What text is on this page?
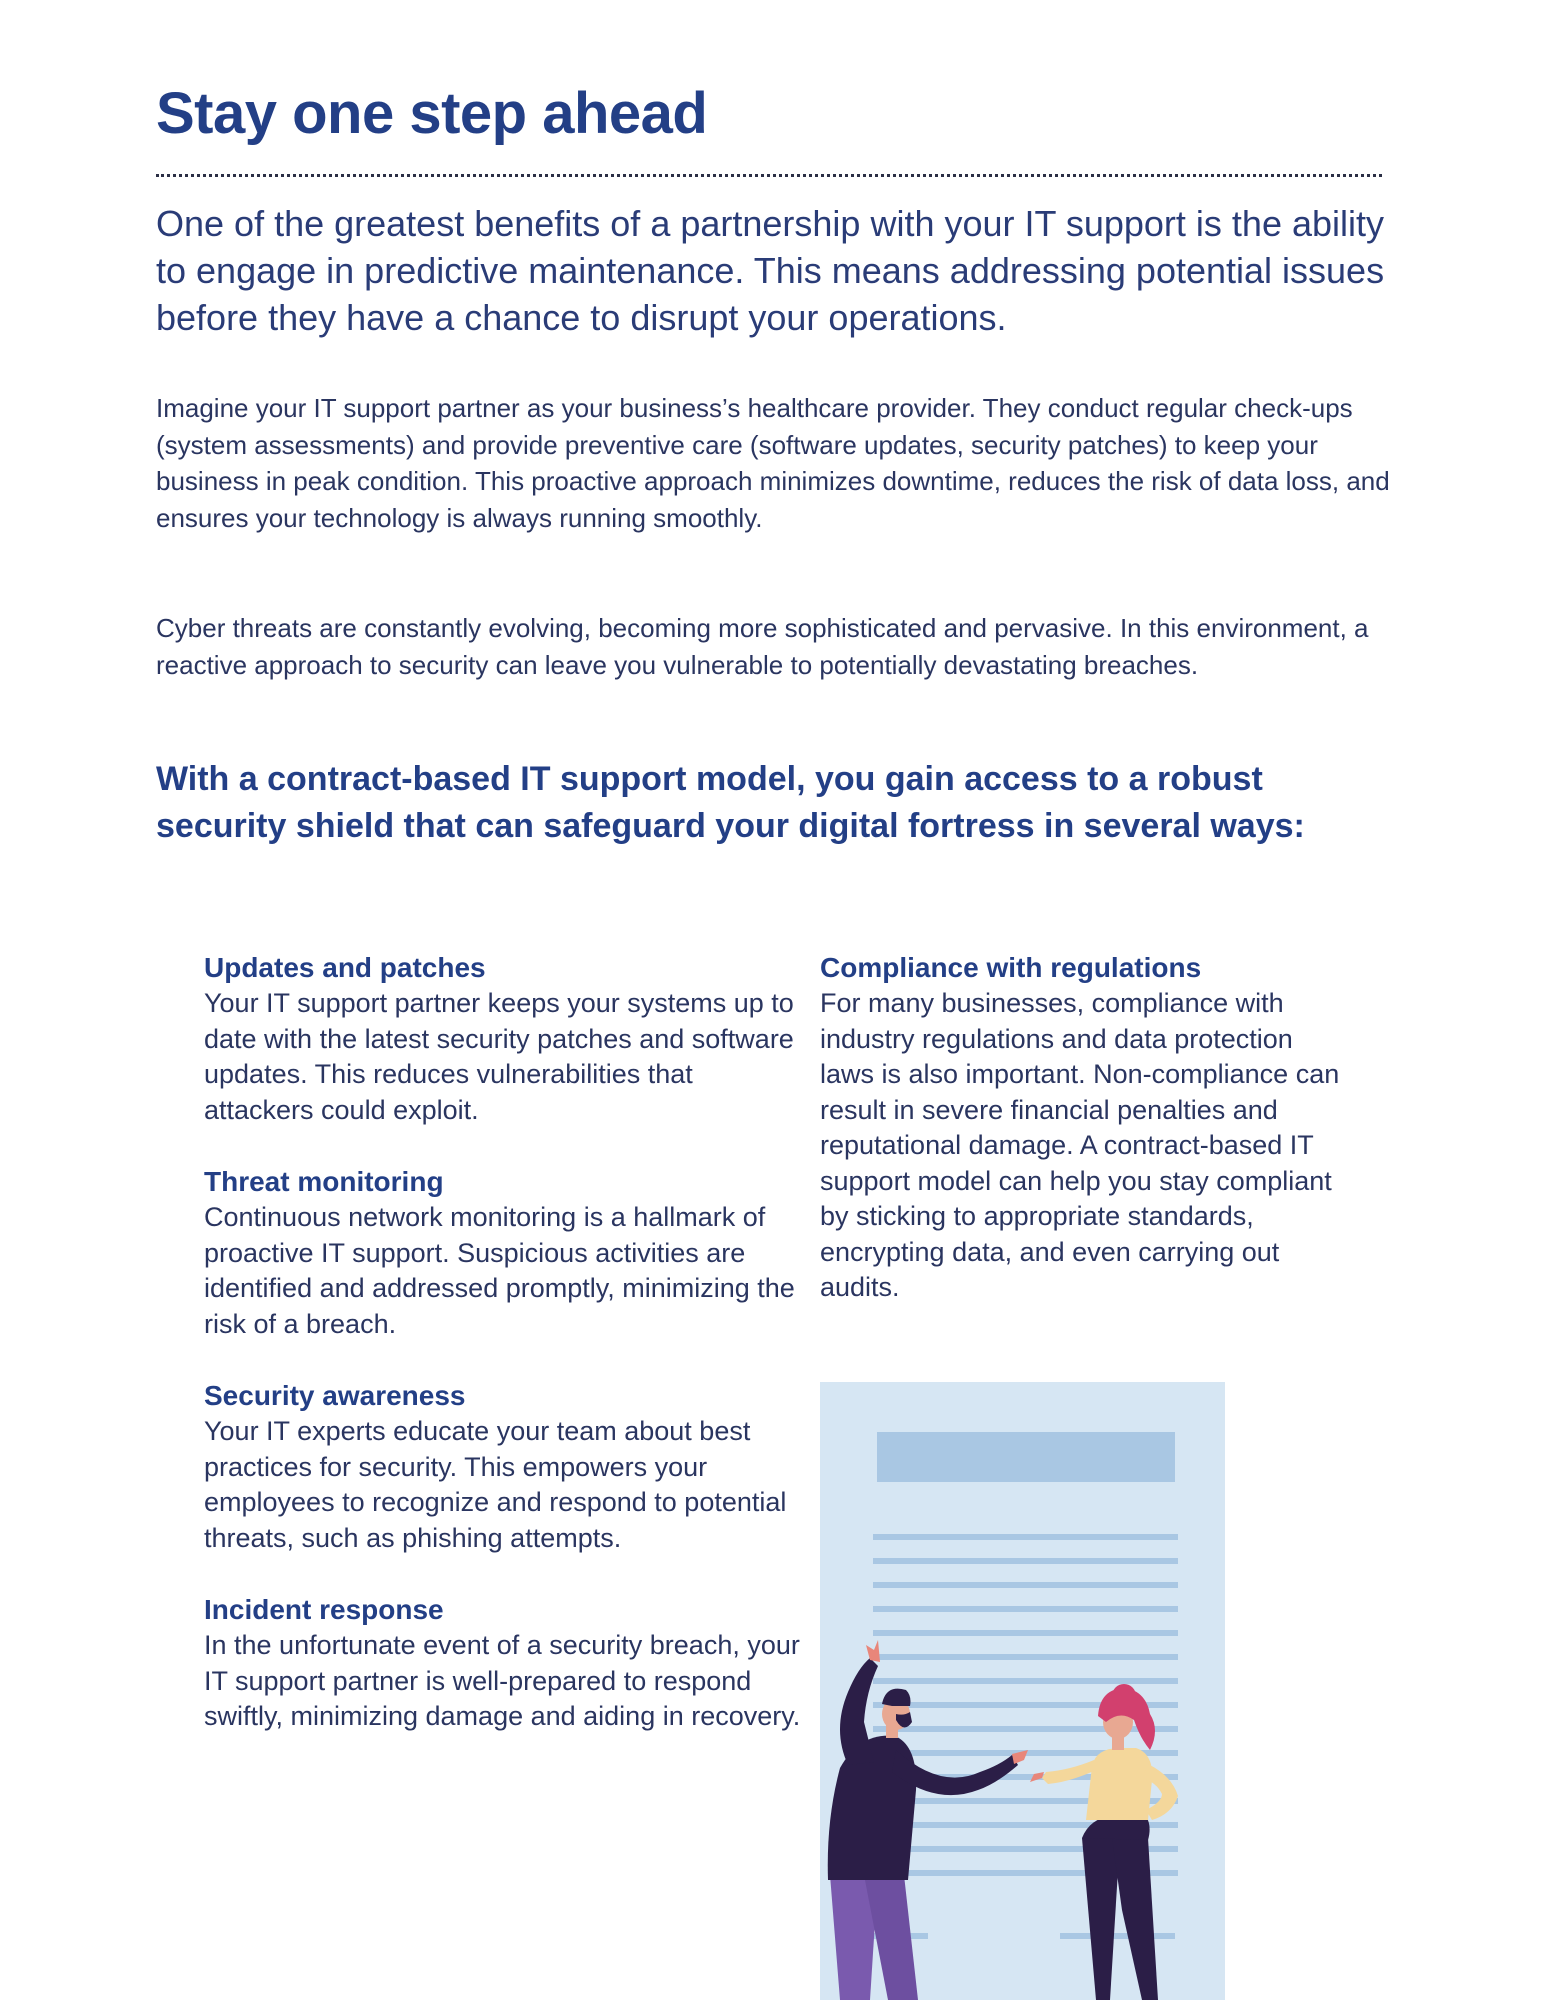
Stay one step ahead

One of the greatest benefits of a partnership with your IT support is the ability to engage in predictive maintenance. This means addressing potential issues before they have a chance to disrupt your operations.

Imagine your IT support partner as your business’s healthcare provider. They conduct regular check-ups (system assessments) and provide preventive care (software updates, security patches) to keep your business in peak condition. This proactive approach minimizes downtime, reduces the risk of data loss, and ensures your technology is always running smoothly.

Cyber threats are constantly evolving, becoming more sophisticated and pervasive. In this environment, a reactive approach to security can leave you vulnerable to potentially devastating breaches.

With a contract-based IT support model, you gain access to a robust security shield that can safeguard your digital fortress in several ways:
Updates and patches

Your IT support partner keeps your systems up to date with the latest security patches and software updates. This reduces vulnerabilities that attackers could exploit.

Threat monitoring

Continuous network monitoring is a hallmark of proactive IT support. Suspicious activities are identified and addressed promptly, minimizing the risk of a breach.

Security awareness

Your IT experts educate your team about best practices for security. This empowers your employees to recognize and respond to potential threats, such as phishing attempts.

Incident response

In the unfortunate event of a security breach, your IT support partner is well-prepared to respond swiftly, minimizing damage and aiding in recovery.

Compliance with regulations

For many businesses, compliance with industry regulations and data protection laws is also important. Non-compliance can result in severe financial penalties and reputational damage. A contract-based IT support model can help you stay compliant by sticking to appropriate standards, encrypting data, and even carrying out audits.
